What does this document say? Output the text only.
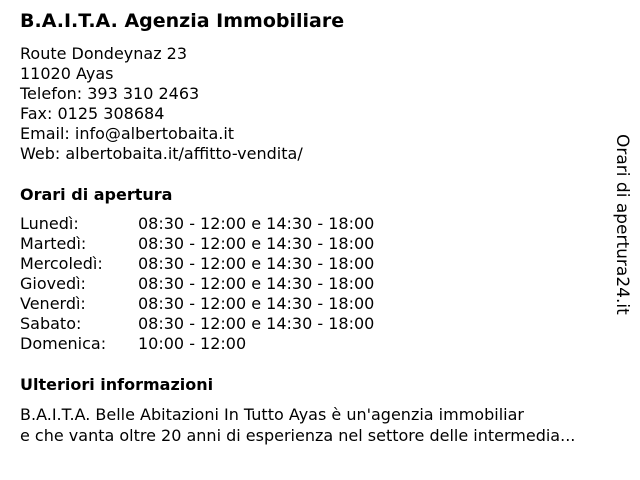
B.A.I.T.A. Agenzia Immobiliare
Route Dondeynaz 23
11020 Ayas
Telefon: 393 310 2463
Fax: 0125 308684
Email: info@albertobaita.it
Web: albertobaita.it/affitto-vendita/
Orari di apertura
Lunedì:	08:30 - 12:00 e 14:30 - 18:00
Martedì:	08:30 - 12:00 e 14:30 - 18:00
Mercoledì:	08:30 - 12:00 e 14:30 - 18:00
Giovedì:	08:30 - 12:00 e 14:30 - 18:00
Venerdì:	08:30 - 12:00 e 14:30 - 18:00
Sabato:	08:30 - 12:00 e 14:30 - 18:00
Domenica:	10:00 - 12:00
Ulteriori informazioni
B.A.I.T.A. Belle Abitazioni In Tutto Ayas è un'agenzia immobiliar
e che vanta oltre 20 anni di esperienza nel settore delle intermedia...
Orari di apertura24.it
